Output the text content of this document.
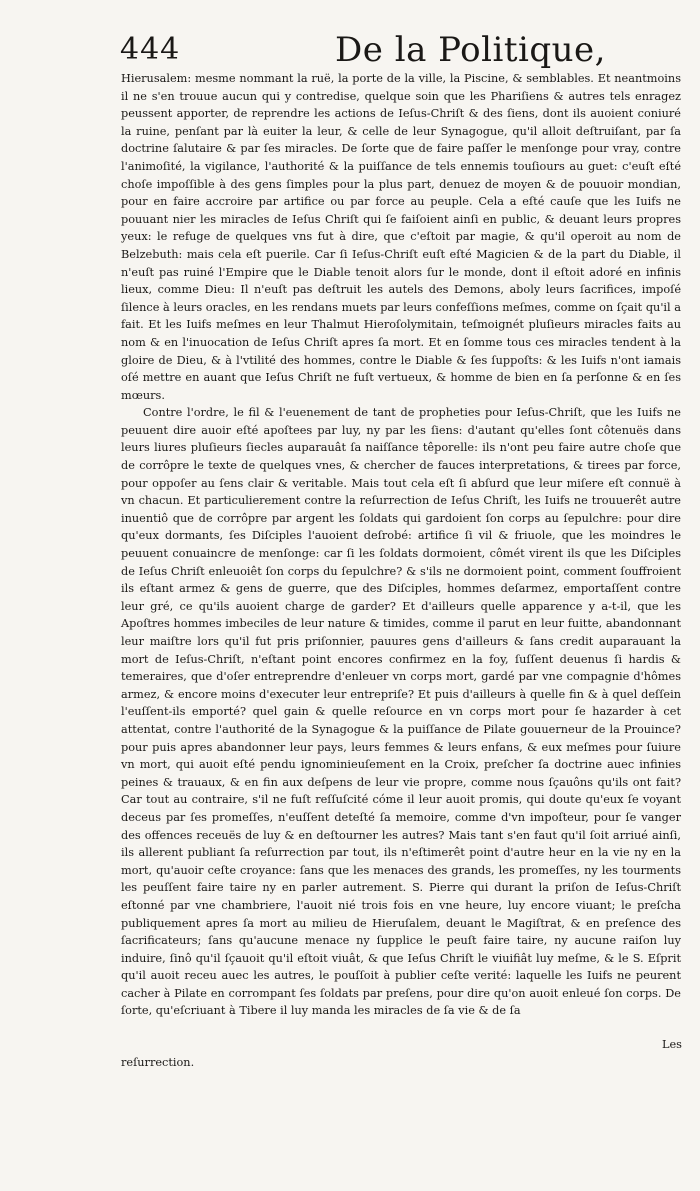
444	De la Politique,

Hierusalem: mesme nommant la ruë, la porte de la ville, la Piscine, & semblables. Et neantmoins il ne s'en trouue aucun qui y contredise, quelque soin que les Phariſiens & autres tels enragez peussent apporter, de reprendre les actions de Ieſus-Chriſt & des ſiens, dont ils auoient coniuré la ruine, penſant par là euiter la leur, & celle de leur Synagogue, qu'il alloit deſtruiſant, par ſa doctrine ſalutaire & par ſes miracles. De ſorte que de faire paſſer le menſonge pour vray, contre l'animoſité, la vigilance, l'authorité & la puiſſance de tels ennemis touſiours au guet: c'euſt eſté choſe impoſſible à des gens ſimples pour la plus part, denuez de moyen & de pouuoir mondian, pour en faire accroire par artifice ou par force au peuple. Cela a eſté cauſe que les Iuifs ne pouuant nier les miracles de Ieſus Chriſt qui ſe faiſoient ainſi en public, & deuant leurs propres yeux: le refuge de quelques vns fut à dire, que c'eſtoit par magie, & qu'il operoit au nom de Belzebuth: mais cela eſt puerile. Car ſi Ieſus-Chriſt euſt eſté Magicien & de la part du Diable, il n'euſt pas ruiné l'Empire que le Diable tenoit alors ſur le monde, dont il eſtoit adoré en infinis lieux, comme Dieu: Il n'euſt pas deſtruit les autels des Demons, aboly leurs ſacrifices, impoſé ſilence à leurs oracles, en les rendans muets par leurs confeſſions meſmes, comme on ſçait qu'il a fait. Et les Iuifs meſmes en leur Thalmut Hieroſolymitain, teſmoignét pluſieurs miracles faits au nom & en l'inuocation de Ieſus Chriſt apres ſa mort. Et en ſomme tous ces miracles tendent à la gloire de Dieu, & à l'vtilité des hommes, contre le Diable & ſes ſuppoſts: & les Iuifs n'ont iamais oſé mettre en auant que Ieſus Chriſt ne fuſt vertueux, & homme de bien en ſa perſonne & en ſes mœurs.

Contre l'ordre, le fil & l'euenement de tant de propheties pour Ieſus-Chriſt, que les Iuifs ne peuuent dire auoir eſté apoſtees par luy, ny par les ſiens: d'autant qu'elles ſont côtenuës dans leurs liures pluſieurs ſiecles auparauât ſa naiſſance têporelle: ils n'ont peu faire autre choſe que de corrôpre le texte de quelques vnes, & chercher de fauces interpretations, & tirees par force, pour oppoſer au ſens clair & veritable. Mais tout cela eſt ſi abſurd que leur miſere eſt connuë à vn chacun. Et particulierement contre la reſurrection de Ieſus Chriſt, les Iuifs ne trouuerêt autre inuentiô que de corrôpre par argent les ſoldats qui gardoient ſon corps au ſepulchre: pour dire qu'eux dormants, ſes Diſciples l'auoient deſrobé: artifice ſi vil & friuole, que les moindres le peuuent conuaincre de menſonge: car ſi les ſoldats dormoient, cômét virent ils que les Diſciples de Ieſus Chriſt enleuoiêt ſon corps du ſepulchre? & s'ils ne dormoient point, comment ſouffroient ils eſtant armez & gens de guerre, que des Diſciples, hommes deſarmez, emportaſſent contre leur gré, ce qu'ils auoient charge de garder? Et d'ailleurs quelle apparence y a-t-il, que les Apoſtres hommes imbeciles de leur nature & timides, comme il parut en leur fuitte, abandonnant leur maiſtre lors qu'il fut pris priſonnier, pauures gens d'ailleurs & ſans credit auparauant la mort de Ieſus-Chriſt, n'eſtant point encores confirmez en la foy, ſuſſent deuenus ſi hardis & temeraires, que d'oſer entreprendre d'enleuer vn corps mort, gardé par vne compagnie d'hômes armez, & encore moins d'executer leur entrepriſe? Et puis d'ailleurs à quelle fin & à quel deſſein l'euſſent-ils emporté? quel gain & quelle reſource en vn corps mort pour ſe hazarder à cet attentat, contre l'authorité de la Synagogue & la puiſſance de Pilate gouuerneur de la Prouince? pour puis apres abandonner leur pays, leurs femmes & leurs enfans, & eux meſmes pour ſuiure vn mort, qui auoit eſté pendu ignominieuſement en la Croix, preſcher ſa doctrine auec infinies peines & trauaux, & en fin aux deſpens de leur vie propre, comme nous ſçauôns qu'ils ont fait? Car tout au contraire, s'il ne fuſt reſſuſcité cóme il leur auoit promis, qui doute qu'eux ſe voyant deceus par ſes promeſſes, n'euſſent deteſté ſa memoire, comme d'vn impoſteur, pour ſe vanger des offences receuës de luy & en deſtourner les autres? Mais tant s'en faut qu'il ſoit arriué ainſi, ils allerent publiant ſa reſurrection par tout, ils n'eſtimerêt point d'autre heur en la vie ny en la mort, qu'auoir ceſte croyance: ſans que les menaces des grands, les promeſſes, ny les tourments les peuſſent faire taire ny en parler autrement. S. Pierre qui durant la priſon de Ieſus-Chriſt eſtonné par vne chambriere, l'auoit nié trois fois en vne heure, luy encore viuant; le preſcha publiquement apres ſa mort au milieu de Hieruſalem, deuant le Magiſtrat, & en preſence des ſacrificateurs; ſans qu'aucune menace ny ſupplice le peuſt faire taire, ny aucune raiſon luy induire, ſinô qu'il ſçauoit qu'il eſtoit viuât, & que Ieſus Chriſt le viuifiât luy meſme, & le S. Eſprit qu'il auoit receu auec les autres, le pouſſoit à publier ceſte verité: laquelle les Iuifs ne peurent cacher à Pilate en corrompant ſes ſoldats par preſens, pour dire qu'on auoit enleué ſon corps. De ſorte, qu'eſcriuant à Tibere il luy manda les miracles de ſa vie & de ſa

Les
reſurrection.
